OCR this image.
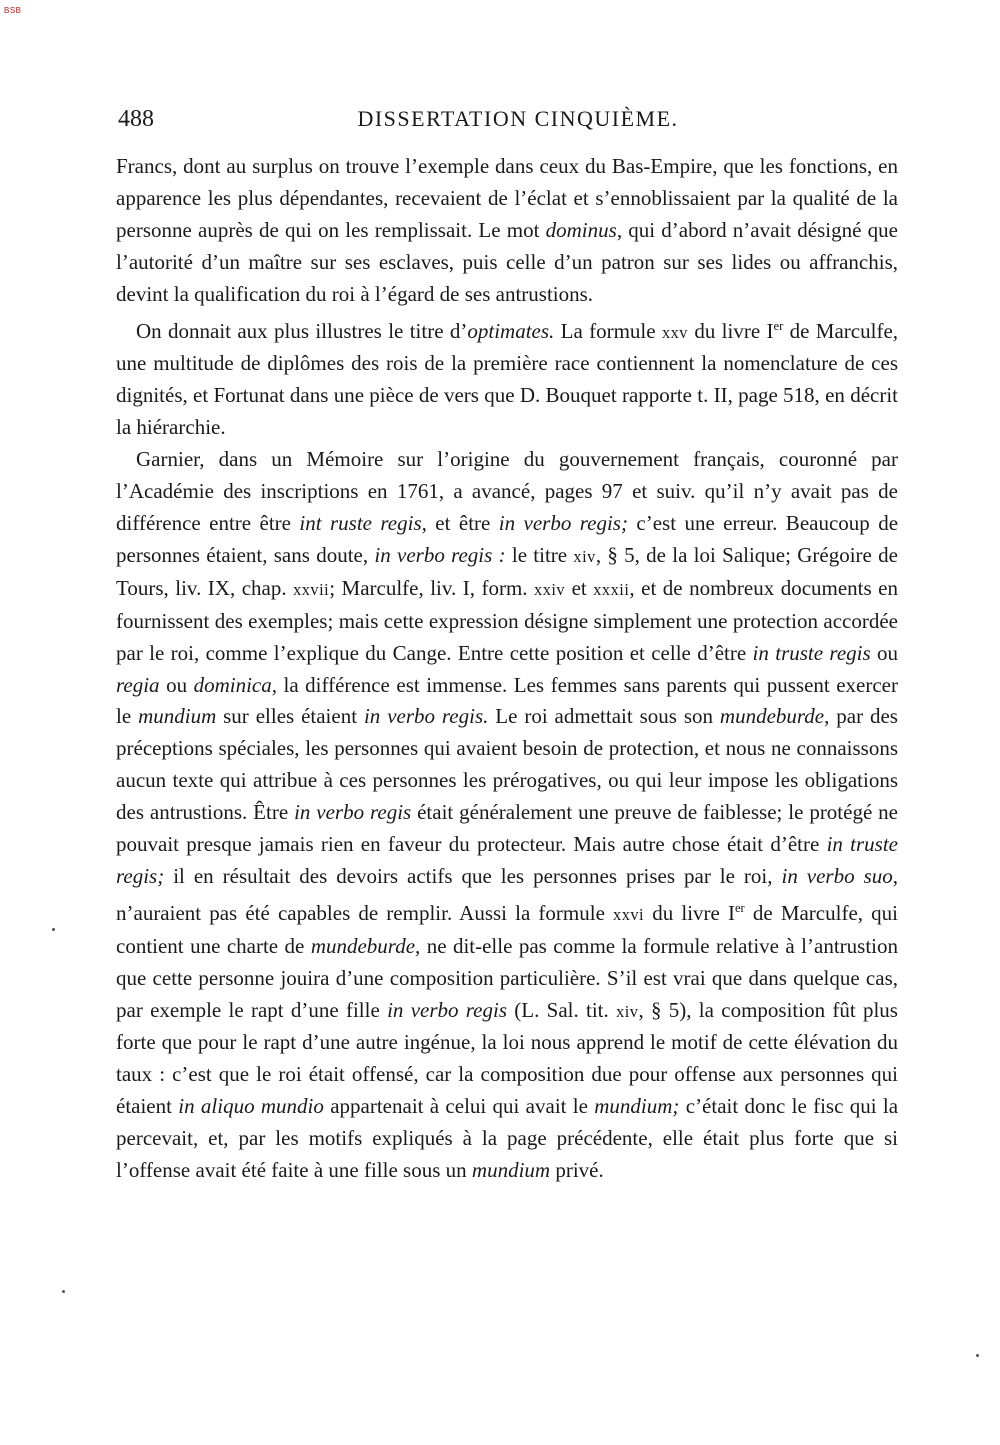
BSB
488	DISSERTATION CINQUIÈME.

Francs, dont au surplus on trouve l’exemple dans ceux du Bas-Empire, que les fonctions, en apparence les plus dépendantes, recevaient de l’éclat et s’ennoblissaient par la qualité de la personne auprès de qui on les remplissait. Le mot dominus, qui d’abord n’avait désigné que l’autorité d’un maître sur ses esclaves, puis celle d’un patron sur ses lides ou affranchis, devint la qualification du roi à l’égard de ses antrustions.

On donnait aux plus illustres le titre d’optimates. La formule xxv du livre Ier de Marculfe, une multitude de diplômes des rois de la première race contiennent la nomenclature de ces dignités, et Fortunat dans une pièce de vers que D. Bouquet rapporte t. II, page 518, en décrit la hiérarchie.

Garnier, dans un Mémoire sur l’origine du gouvernement français, couronné par l’Académie des inscriptions en 1761, a avancé, pages 97 et suiv. qu’il n’y avait pas de différence entre être int ruste regis, et être in verbo regis; c’est une erreur. Beaucoup de personnes étaient, sans doute, in verbo regis : le titre xiv, § 5, de la loi Salique; Grégoire de Tours, liv. IX, chap. xxvii; Marculfe, liv. I, form. xxiv et xxxii, et de nombreux documents en fournissent des exemples; mais cette expression désigne simplement une protection accordée par le roi, comme l’explique du Cange. Entre cette position et celle d’être in truste regis ou regia ou dominica, la différence est immense. Les femmes sans parents qui pussent exercer le mundium sur elles étaient in verbo regis. Le roi admettait sous son mundeburde, par des préceptions spéciales, les personnes qui avaient besoin de protection, et nous ne connaissons aucun texte qui attribue à ces personnes les prérogatives, ou qui leur impose les obligations des antrustions. Être in verbo regis était généralement une preuve de faiblesse; le protégé ne pouvait presque jamais rien en faveur du protecteur. Mais autre chose était d’être in truste regis; il en résultait des devoirs actifs que les personnes prises par le roi, in verbo suo, n’auraient pas été capables de remplir. Aussi la formule xxvi du livre Ier de Marculfe, qui contient une charte de mundeburde, ne dit-elle pas comme la formule relative à l’antrustion que cette personne jouira d’une composition particulière. S’il est vrai que dans quelque cas, par exemple le rapt d’une fille in verbo regis (L. Sal. tit. xiv, § 5), la composition fût plus forte que pour le rapt d’une autre ingénue, la loi nous apprend le motif de cette élévation du taux : c’est que le roi était offensé, car la composition due pour offense aux personnes qui étaient in aliquo mundio appartenait à celui qui avait le mundium; c’était donc le fisc qui la percevait, et, par les motifs expliqués à la page précédente, elle était plus forte que si l’offense avait été faite à une fille sous un mundium privé.
